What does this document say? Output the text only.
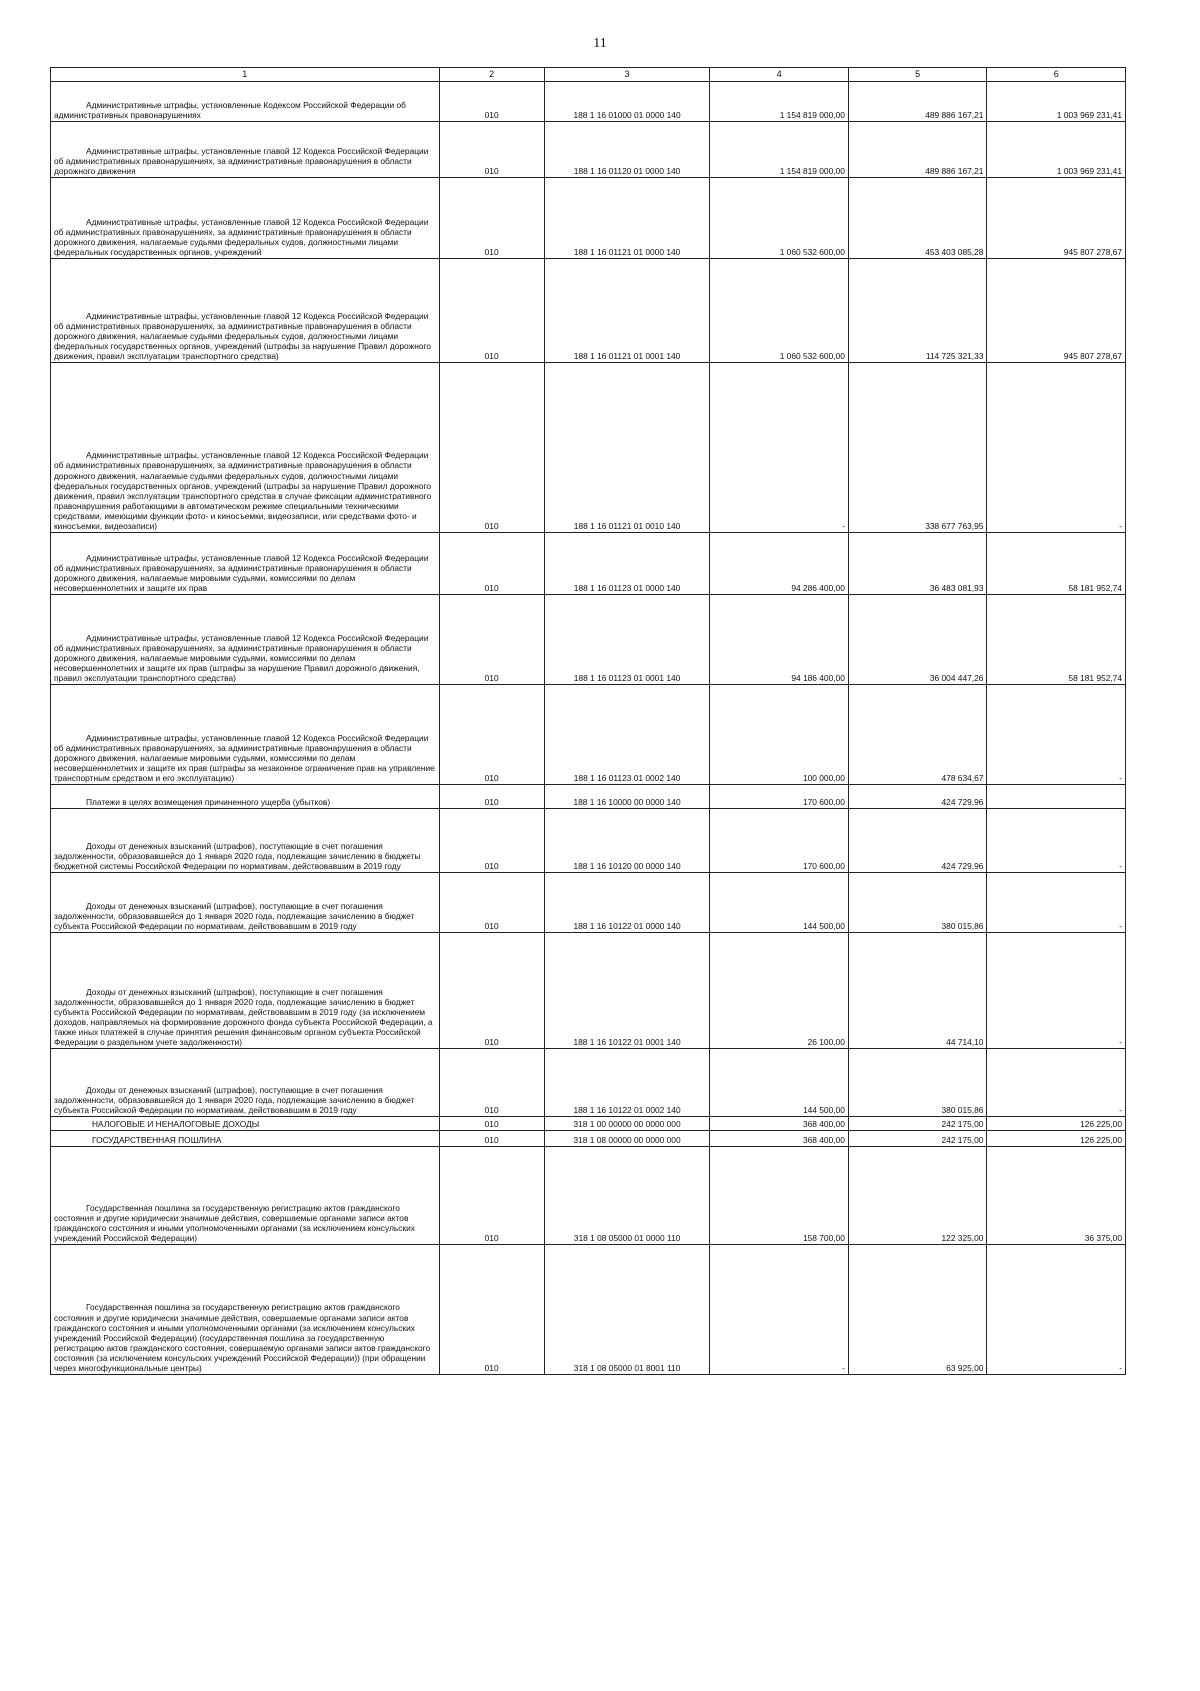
11
1	2	3	4	5	6

Административные штрафы, установленные Кодексом Российской Федерации об административных правонарушениях	010	188 1 16 01000 01 0000 140	1 154 819 000,00	489 886 167,21	1 003 969 231,41

Административные штрафы, установленные главой 12 Кодекса Российской Федерации об административных правонарушениях, за административные правонарушения в области дорожного движения	010	188 1 16 01120 01 0000 140	1 154 819 000,00	489 886 167,21	1 003 969 231,41

Административные штрафы, установленные главой 12 Кодекса Российской Федерации об административных правонарушениях, за административные правонарушения в области дорожного движения, налагаемые судьями федеральных судов, должностными лицами федеральных государственных органов, учреждений	010	188 1 16 01121 01 0000 140	1 060 532 600,00	453 403 085,28	945 807 278,67

Административные штрафы, установленные главой 12 Кодекса Российской Федерации об административных правонарушениях, за административные правонарушения в области дорожного движения, налагаемые судьями федеральных судов, должностными лицами федеральных государственных органов, учреждений (штрафы за нарушение Правил дорожного движения, правил эксплуатации транспортного средства)	010	188 1 16 01121 01 0001 140	1 060 532 600,00	114 725 321,33	945 807 278,67

Административные штрафы, установленные главой 12 Кодекса Российской Федерации об административных правонарушениях, за административные правонарушения в области дорожного движения, налагаемые судьями федеральных судов, должностными лицами федеральных государственных органов, учреждений (штрафы за нарушение Правил дорожного движения, правил эксплуатации транспортного средства в случае фиксации административного правонарушения работающими в автоматическом режиме специальными техническими средствами, имеющими функции фото- и киносъемки, видеозаписи, или средствами фото- и киносъемки, видеозаписи)	010	188 1 16 01121 01 0010 140	-	338 677 763,95	-

Административные штрафы, установленные главой 12 Кодекса Российской Федерации об административных правонарушениях, за административные правонарушения в области дорожного движения, налагаемые мировыми судьями, комиссиями по делам несовершеннолетних и защите их прав	010	188 1 16 01123 01 0000 140	94 286 400,00	36 483 081,93	58 181 952,74

Административные штрафы, установленные главой 12 Кодекса Российской Федерации об административных правонарушениях, за административные правонарушения в области дорожного движения, налагаемые мировыми судьями, комиссиями по делам несовершеннолетних и защите их прав (штрафы за нарушение Правил дорожного движения, правил эксплуатации транспортного средства)	010	188 1 16 01123 01 0001 140	94 186 400,00	36 004 447,26	58 181 952,74

Административные штрафы, установленные главой 12 Кодекса Российской Федерации об административных правонарушениях, за административные правонарушения в области дорожного движения, налагаемые мировыми судьями, комиссиями по делам несовершеннолетних и защите их прав (штрафы за незаконное ограничение прав на управление транспортным средством и его эксплуатацию)	010	188 1 16 01123 01 0002 140	100 000,00	478 634,67	-

Платежи в целях возмещения причиненного ущерба (убытков)	010	188 1 16 10000 00 0000 140	170 600,00	424 729,96	

Доходы от денежных взысканий (штрафов), поступающие в счет погашения задолженности, образовавшейся до 1 января 2020 года, подлежащие зачислению в бюджеты бюджетной системы Российской Федерации по нормативам, действовавшим в 2019 году	010	188 1 16 10120 00 0000 140	170 600,00	424 729,96	-

Доходы от денежных взысканий (штрафов), поступающие в счет погашения задолженности, образовавшейся до 1 января 2020 года, подлежащие зачислению в бюджет субъекта Российской Федерации по нормативам, действовавшим в 2019 году	010	188 1 16 10122 01 0000 140	144 500,00	380 015,86	-

Доходы от денежных взысканий (штрафов), поступающие в счет погашения задолженности, образовавшейся до 1 января 2020 года, подлежащие зачислению в бюджет субъекта Российской Федерации по нормативам, действовавшим в 2019 году (за исключением доходов, направляемых на формирование дорожного фонда субъекта Российской Федерации, а также иных платежей в случае принятия решения финансовым органом субъекта Российской Федерации о раздельном учете задолженности)	010	188 1 16 10122 01 0001 140	26 100,00	44 714,10	-

Доходы от денежных взысканий (штрафов), поступающие в счет погашения задолженности, образовавшейся до 1 января 2020 года, подлежащие зачислению в бюджет субъекта Российской Федерации по нормативам, действовавшим в 2019 году	010	188 1 16 10122 01 0002 140	144 500,00	380 015,86	-

НАЛОГОВЫЕ И НЕНАЛОГОВЫЕ ДОХОДЫ	010	318 1 00 00000 00 0000 000	368 400,00	242 175,00	126 225,00

ГОСУДАРСТВЕННАЯ ПОШЛИНА	010	318 1 08 00000 00 0000 000	368 400,00	242 175,00	126 225,00

Государственная пошлина за государственную регистрацию актов гражданского состояния и другие юридически значимые действия, совершаемые органами записи актов гражданского состояния и иными уполномоченными органами (за исключением консульских учреждений Российской Федерации)	010	318 1 08 05000 01 0000 110	158 700,00	122 325,00	36 375,00

Государственная пошлина за государственную регистрацию актов гражданского состояния и другие юридически значимые действия, совершаемые органами записи актов гражданского состояния и иными уполномоченными органами (за исключением консульских учреждений Российской Федерации) (государственная пошлина за государственную регистрацию актов гражданского состояния, совершаемую органами записи актов гражданского состояния (за исключением консульских учреждений Российской Федерации)) (при обращении через многофункциональные центры)	010	318 1 08 05000 01 8001 110	-	63 925,00	-
